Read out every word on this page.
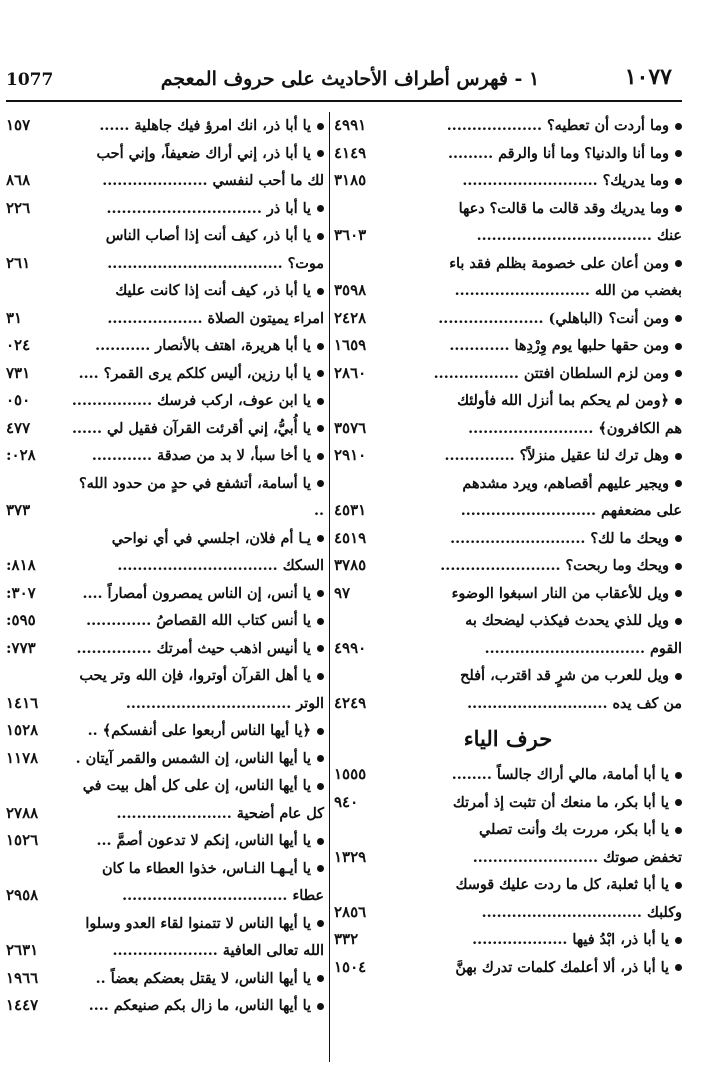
1077	١ - فهرس أطراف الأحاديث على حروف المعجم	١٠٧٧
وما أردت أن تعطيه؟ ...................
٤٩٩١
وما أنا والدنيا؟ وما أنا والرقم .........
٤١٤٩
وما يدريك؟ ...........................
٣١٨٥
وما يدريك وقد قالت ما قالت؟ دعها
عنك ...................................
٣٦٠٣
ومن أعان على خصومة بظلم فقد باء
بغضب من الله ...........................
٣٥٩٨
ومن أنت؟ (الباهلي) .....................
٢٤٢٨
ومن حقها حلبها يوم وِرْدِها ............
١٦٥٩
ومن لزم السلطان افتتن .................
٢٨٦٠
﴿ومن لم يحكم بما أنزل الله فأولئك
هم الكافرون﴾ .........................
٣٥٧٦
وهل ترك لنا عقيل منزلاً؟ ..............
٢٩١٠
ويجير عليهم أقصاهم، ويرد مشدهم
على مضعفهم ...........................
٤٥٣١
ويحك ما لك؟ ...........................
٤٥١٩
ويحك وما ربحت؟ ........................
٣٧٨٥
ويل للأعقاب من النار اسبغوا الوضوء
٩٧
ويل للذي يحدث فيكذب ليضحك به
القوم ................................
٤٩٩٠
ويل للعرب من شرٍ قد اقترب، أفلح
من كف يده ............................
٤٢٤٩
حرف الياء
يا أبا أمامة، مالي أراك جالساً ........
١٥٥٥
يا أبا بكر، ما منعك أن تثبت إذ أمرتك
٩٤٠
يا أبا بكر، مررت بك وأنت تصلي
تخفض صوتك .........................
١٣٢٩
يا أبا ثعلبة، كل ما ردت عليك قوسك
وكلبك ................................
٢٨٥٦
يا أبا ذر، ابْدُ فيها ...................
٣٣٢
يا أبا ذر، ألا أعلمك كلمات تدرك بهنَّ
١٥٠٤
يا أبا ذر، انك امرؤ فيك جاهلية ......
١٥٧
يا أبا ذر، إني أراك ضعيفاً، وإني أحب
لك ما أحب لنفسي .....................
٨٦٨
يا أبا ذر ...............................
٢٢٦
يا أبا ذر، كيف أنت إذا أصاب الناس
موت؟ ...................................
٢٦١
يا أبا ذر، كيف أنت إذا كانت عليك
امراء يميتون الصلاة ...................
٣١
يا أبا هريرة، اهتف بالأنصار ...........
٠٢٤
يا أبا رزين، أليس كلكم يرى القمر؟ ....
٧٣١
يا ابن عوف، اركب فرسك ................
٠٥٠
يا أُبيُّ، إني أقرئت القرآن فقيل لي ......
٤٧٧
يا أخا سبأ، لا بد من صدقة ............
٠٢٨:
يا أسامة، أتشفع في حدٍ من حدود الله؟ ..
٣٧٣
يـا أم فلان، اجلسي في أي نواحي
السكك ................................
٨١٨:
يا أنس، إن الناس يمصرون أمصاراً ....
٣٠٧:
يا أنس كتاب الله القصاصُ .............
٥٩٥:
يا أنيس اذهب حيث أمرتك ...............
٧٧٣:
يا أهل القرآن أوتروا، فإن الله وتر يحب
الوتر .................................
١٤١٦
﴿يا أيها الناس أربعوا على أنفسكم﴾ ..
١٥٢٨
يا أيها الناس، إن الشمس والقمر آيتان .
١١٧٨
يا أيها الناس، إن على كل أهل بيت في
كل عام أضحية .......................
٢٧٨٨
يا أيها الناس، إنكم لا تدعون أصمَّ ...
١٥٢٦
يا أيـهـا النـاس، خذوا العطاء ما كان
عطاء .................................
٢٩٥٨
يا أيها الناس لا تتمنوا لقاء العدو وسلوا
الله تعالى العافية .....................
٢٦٣١
يا أيها الناس، لا يقتل بعضكم بعضاً ..
١٩٦٦
يا أيها الناس، ما زال بكم صنيعكم ....
١٤٤٧
